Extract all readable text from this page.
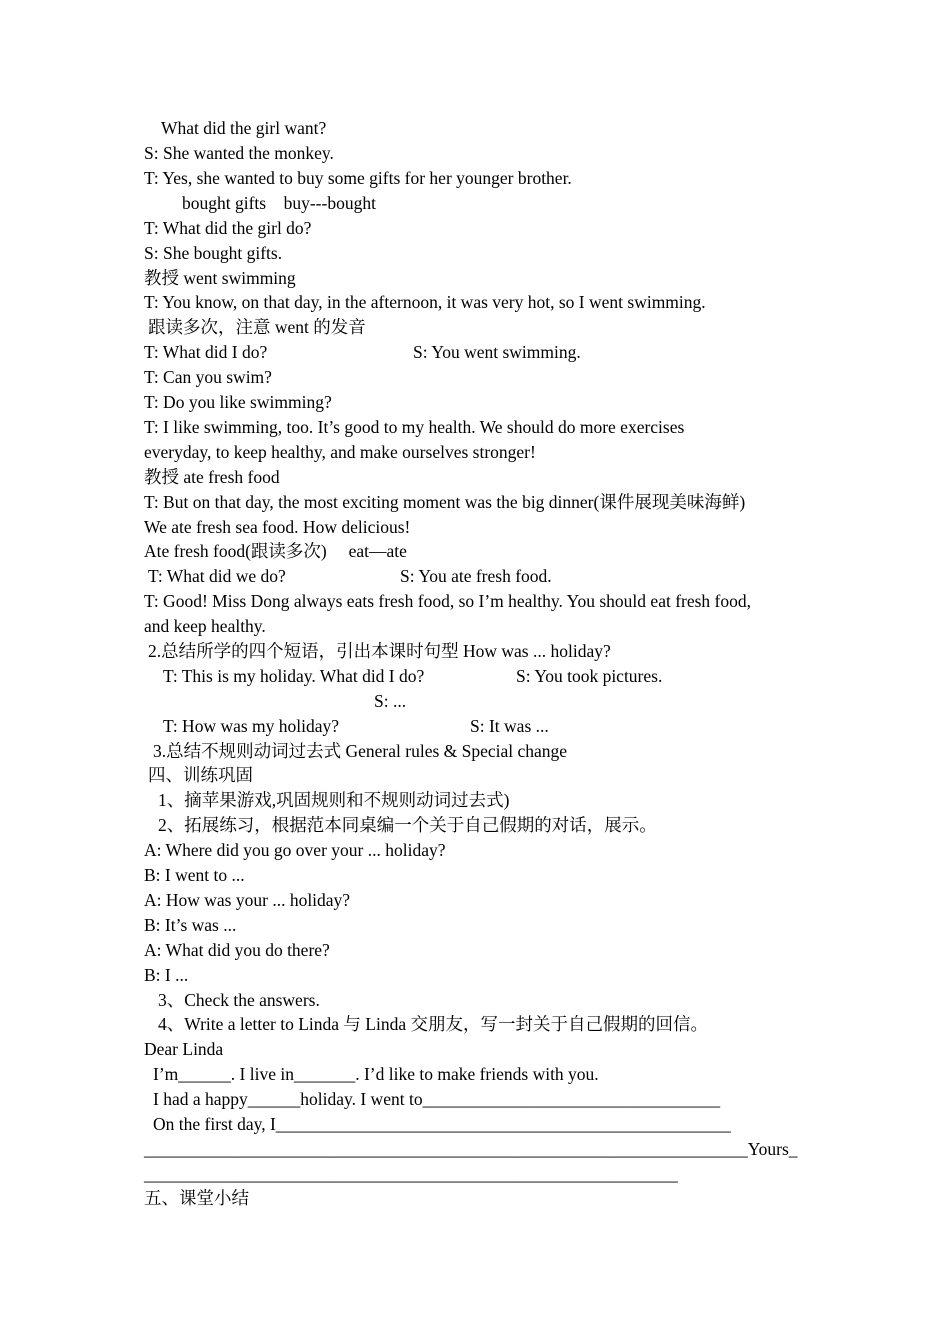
What did the girl want?
S: She wanted the monkey.
T: Yes, she wanted to buy some gifts for her younger brother.
bought gifts    buy---bought
T: What did the girl do?
S: She bought gifts.
教授 went swimming
T: You know, on that day, in the afternoon, it was very hot, so I went swimming.
跟读多次，注意 went 的发音
T: What did I do?	S: You went swimming.
T: Can you swim?
T: Do you like swimming?
T: I like swimming, too. It’s good to my health. We should do more exercises
everyday, to keep healthy, and make ourselves stronger!
教授 ate fresh food
T: But on that day, the most exciting moment was the big dinner(课件展现美味海鲜)
We ate fresh sea food. How delicious!
Ate fresh food(跟读多次)     eat—ate
T: What did we do?	S: You ate fresh food.
T: Good! Miss Dong always eats fresh food, so I’m healthy. You should eat fresh food,
and keep healthy.
2.总结所学的四个短语，引出本课时句型 How was ... holiday?
T: This is my holiday. What did I do?	S: You took pictures.
S: ...
T: How was my holiday?	S: It was ...
3.总结不规则动词过去式 General rules & Special change
四、训练巩固
1、摘苹果游戏,巩固规则和不规则动词过去式)
2、拓展练习，根据范本同桌编一个关于自己假期的对话，展示。
A: Where did you go over your ... holiday?
B: I went to ...
A: How was your ... holiday?
B: It’s was ...
A: What did you do there?
B: I ...
3、Check the answers.
4、Write a letter to Linda 与 Linda 交朋友，写一封关于自己假期的回信。
Dear Linda
I’m______. I live in_______. I’d like to make friends with you.
I had a happy______holiday. I went to__________________________________
On the first day, I____________________________________________________
_____________________________________________________________________Yours_
_____________________________________________________________
五、课堂小结
